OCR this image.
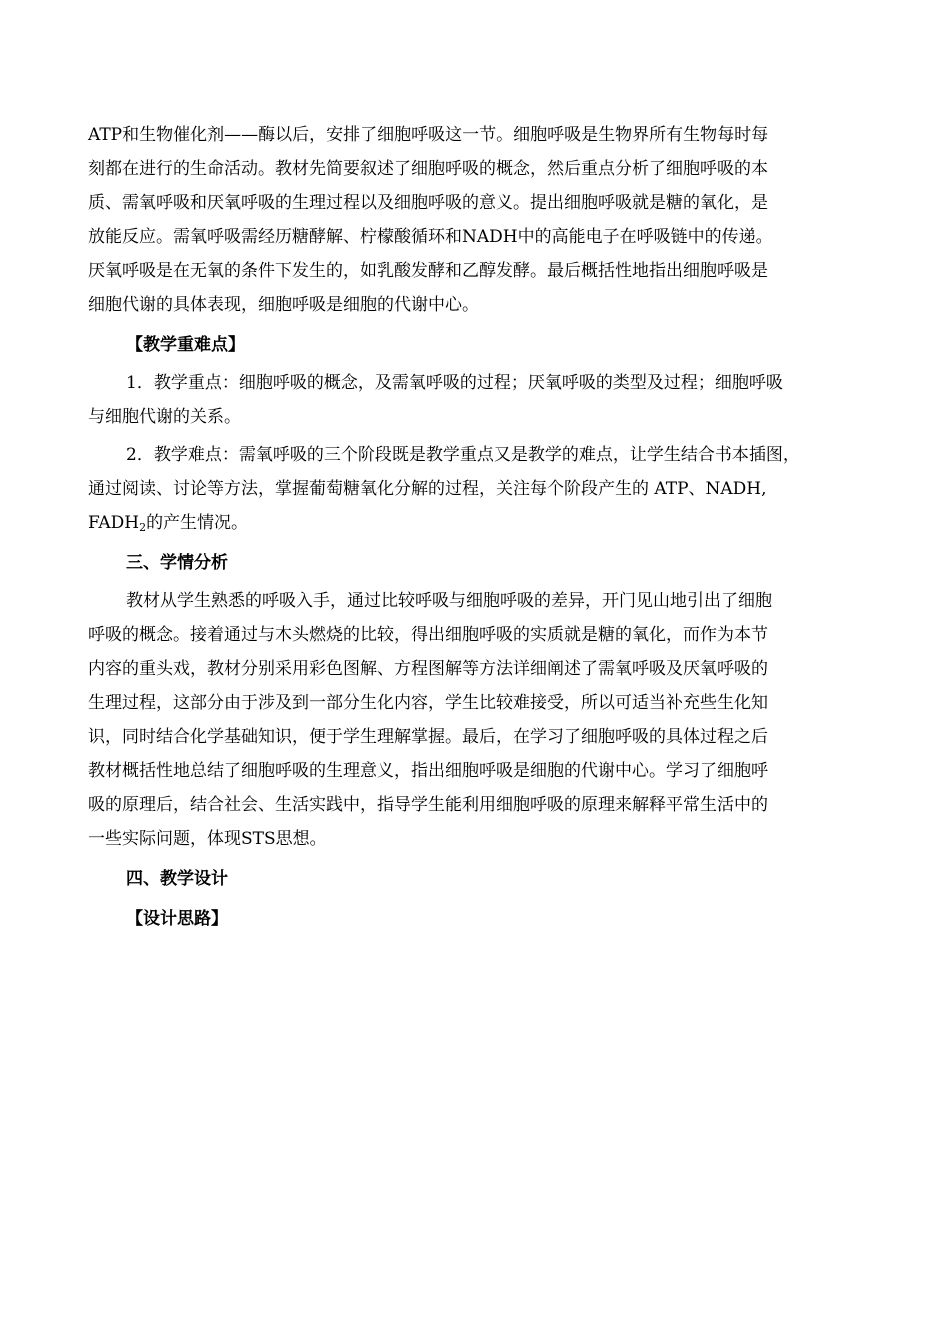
ATP和生物催化剂——酶以后，安排了细胞呼吸这一节。细胞呼吸是生物界所有生物每时每
刻都在进行的生命活动。教材先简要叙述了细胞呼吸的概念，然后重点分析了细胞呼吸的本
质、需氧呼吸和厌氧呼吸的生理过程以及细胞呼吸的意义。提出细胞呼吸就是糖的氧化，是
放能反应。需氧呼吸需经历糖酵解、柠檬酸循环和NADH中的高能电子在呼吸链中的传递。
厌氧呼吸是在无氧的条件下发生的，如乳酸发酵和乙醇发酵。最后概括性地指出细胞呼吸是
细胞代谢的具体表现，细胞呼吸是细胞的代谢中心。

【教学重难点】

1．教学重点：细胞呼吸的概念，及需氧呼吸的过程；厌氧呼吸的类型及过程；细胞呼吸
与细胞代谢的关系。

2．教学难点：需氧呼吸的三个阶段既是教学重点又是教学的难点，让学生结合书本插图，
通过阅读、讨论等方法，掌握葡萄糖氧化分解的过程，关注每个阶段产生的 ATP、NADH,
$FADH_2$的产生情况。

三、学情分析

教材从学生熟悉的呼吸入手，通过比较呼吸与细胞呼吸的差异，开门见山地引出了细胞
呼吸的概念。接着通过与木头燃烧的比较，得出细胞呼吸的实质就是糖的氧化，而作为本节
内容的重头戏，教材分别采用彩色图解、方程图解等方法详细阐述了需氧呼吸及厌氧呼吸的
生理过程，这部分由于涉及到一部分生化内容，学生比较难接受，所以可适当补充些生化知
识，同时结合化学基础知识，便于学生理解掌握。最后，在学习了细胞呼吸的具体过程之后
教材概括性地总结了细胞呼吸的生理意义，指出细胞呼吸是细胞的代谢中心。学习了细胞呼
吸的原理后，结合社会、生活实践中，指导学生能利用细胞呼吸的原理来解释平常生活中的
一些实际问题，体现STS思想。

四、教学设计

【设计思路】
